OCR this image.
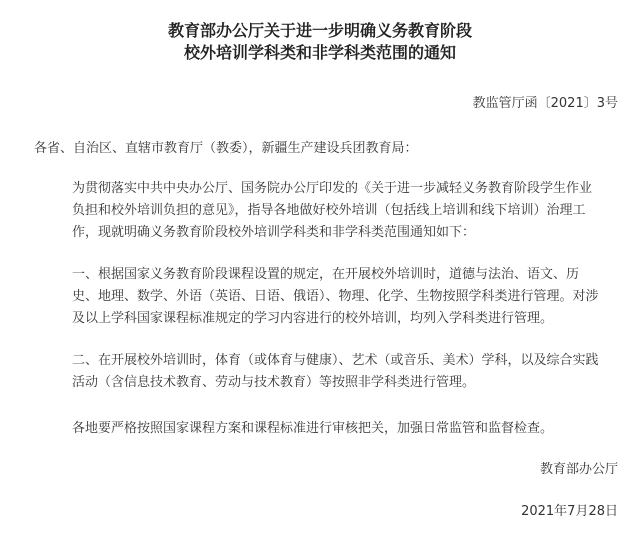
教育部办公厅关于进一步明确义务教育阶段
校外培训学科类和非学科类范围的通知
教监管厅函〔2021〕3号
各省、自治区、直辖市教育厅（教委），新疆生产建设兵团教育局：

为贯彻落实中共中央办公厅、国务院办公厅印发的《关于进一步减轻义务教育阶段学生作业负担和校外培训负担的意见》，指导各地做好校外培训（包括线上培训和线下培训）治理工作，现就明确义务教育阶段校外培训学科类和非学科类范围通知如下：

一、根据国家义务教育阶段课程设置的规定，在开展校外培训时，道德与法治、语文、历史、地理、数学、外语（英语、日语、俄语）、物理、化学、生物按照学科类进行管理。对涉及以上学科国家课程标准规定的学习内容进行的校外培训，均列入学科类进行管理。

二、在开展校外培训时，体育（或体育与健康）、艺术（或音乐、美术）学科，以及综合实践活动（含信息技术教育、劳动与技术教育）等按照非学科类进行管理。

各地要严格按照国家课程方案和课程标准进行审核把关，加强日常监管和监督检查。

教育部办公厅
2021年7月28日
